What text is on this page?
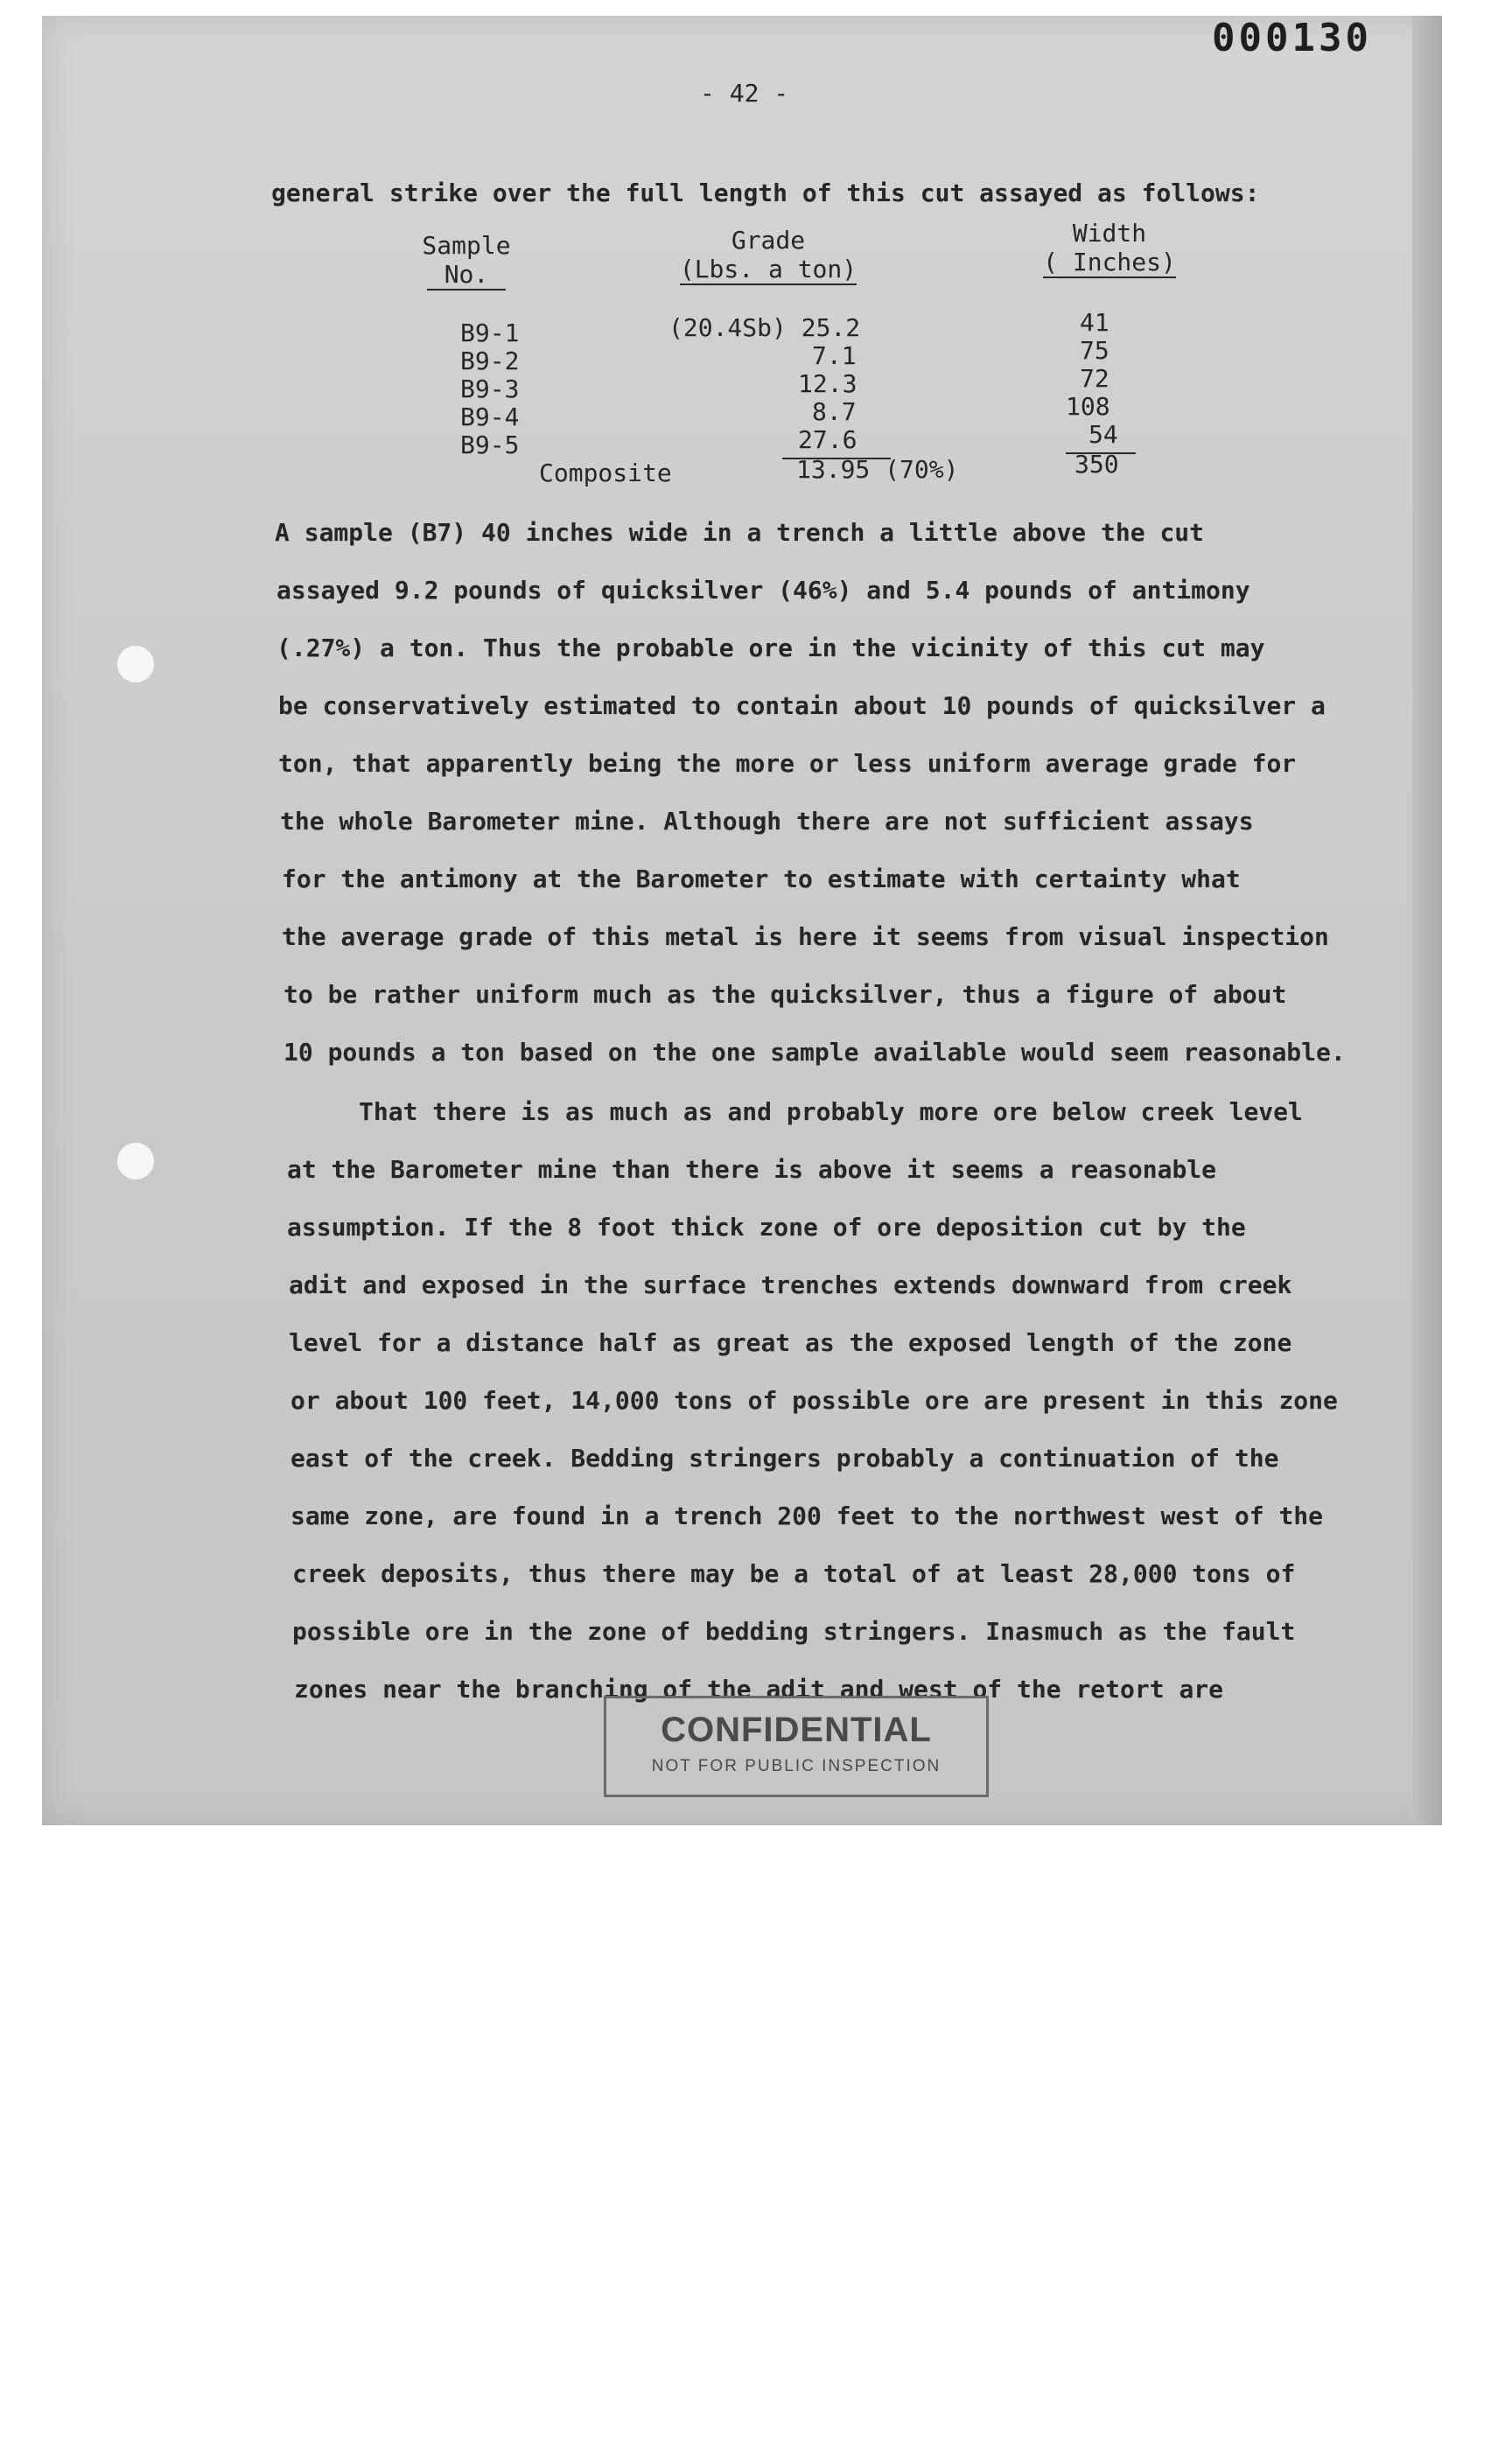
000130
- 42 -
general strike over the full length of this cut assayed as follows:
Sample
No.
Grade
(Lbs. a ton)
Width
( Inches)
B9-1	(20.4Sb) 25.2	41
B9-2	7.1	75
B9-3	12.3	72
B9-4	8.7	108
B9-5	27.6	54
Composite	13.95 (70%)	350
A sample (B7) 40 inches wide in a trench a little above the cut
assayed 9.2 pounds of quicksilver (46%) and 5.4 pounds of antimony
(.27%) a ton. Thus the probable ore in the vicinity of this cut may
be conservatively estimated to contain about 10 pounds of quicksilver a
ton, that apparently being the more or less uniform average grade for
the whole Barometer mine. Although there are not sufficient assays
for the antimony at the Barometer to estimate with certainty what
the average grade of this metal is here it seems from visual inspection
to be rather uniform much as the quicksilver, thus a figure of about
10 pounds a ton based on the one sample available would seem reasonable.
That there is as much as and probably more ore below creek level
at the Barometer mine than there is above it seems a reasonable
assumption. If the 8 foot thick zone of ore deposition cut by the
adit and exposed in the surface trenches extends downward from creek
level for a distance half as great as the exposed length of the zone
or about 100 feet, 14,000 tons of possible ore are present in this zone
east of the creek. Bedding stringers probably a continuation of the
same zone, are found in a trench 200 feet to the northwest west of the
creek deposits, thus there may be a total of at least 28,000 tons of
possible ore in the zone of bedding stringers. Inasmuch as the fault
zones near the branching of the adit and west of the retort are
CONFIDENTIAL
NOT FOR PUBLIC INSPECTION
